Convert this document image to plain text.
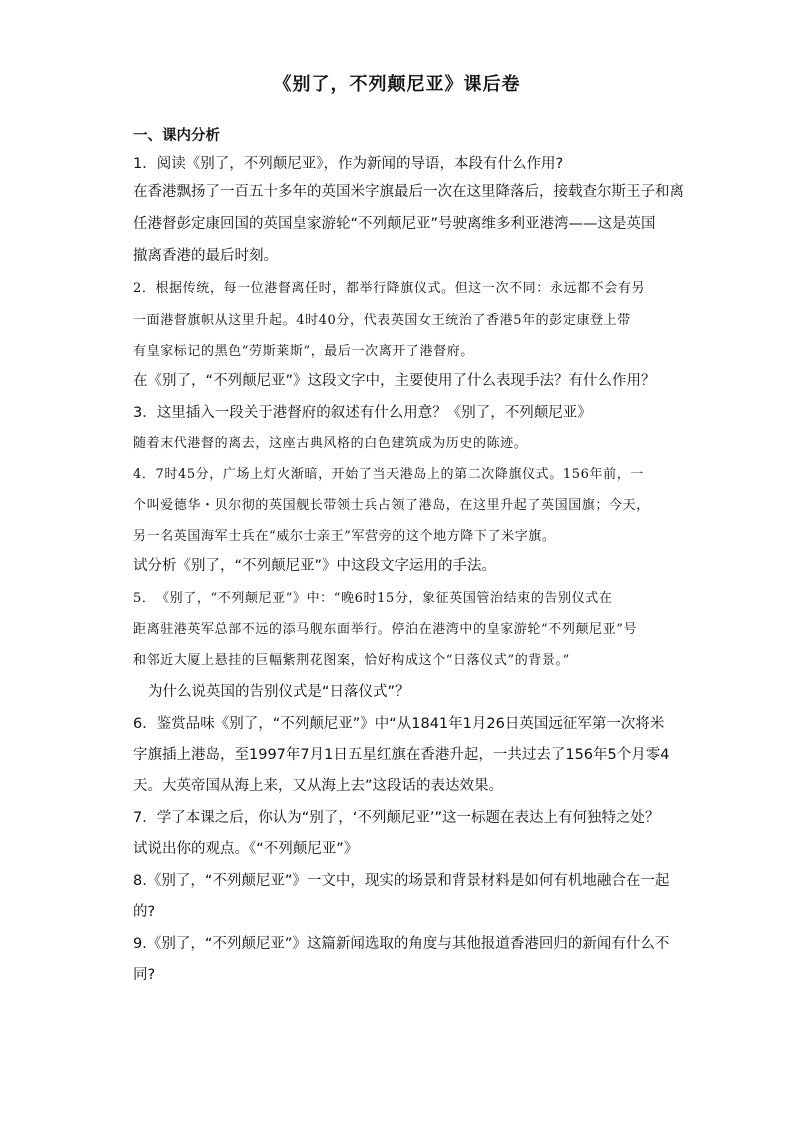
《别了，不列颠尼亚》课后卷
一、课内分析
1．阅读《别了，不列颠尼亚》，作为新闻的导语，本段有什么作用?
在香港飘扬了一百五十多年的英国米字旗最后一次在这里降落后，接载查尔斯王子和离
任港督彭定康回国的英国皇家游轮“不列颠尼亚”号驶离维多利亚港湾——这是英国
撤离香港的最后时刻。
2．根据传统，每一位港督离任时，都举行降旗仪式。但这一次不同：永远都不会有另
一面港督旗帜从这里升起。4时40分，代表英国女王统治了香港5年的彭定康登上带
有皇家标记的黑色“劳斯莱斯”，最后一次离开了港督府。
在《别了，“不列颠尼亚”》这段文字中，主要使用了什么表现手法？有什么作用？
3．这里插入一段关于港督府的叙述有什么用意？《别了，不列颠尼亚》
随着末代港督的离去，这座古典风格的白色建筑成为历史的陈迹。
4．7时45分，广场上灯火渐暗，开始了当天港岛上的第二次降旗仪式。156年前，一
个叫爱德华・贝尔彻的英国舰长带领士兵占领了港岛，在这里升起了英国国旗；今天，
另一名英国海军士兵在“威尔士亲王”军营旁的这个地方降下了米字旗。
试分析《别了，“不列颠尼亚”》中这段文字运用的手法。
5．　《别了，“不列颠尼亚”》中：“晚6时15分，象征英国管治结束的告别仪式在
距离驻港英军总部不远的添马舰东面举行。停泊在港湾中的皇家游轮“不列颠尼亚”号
和邻近大厦上悬挂的巨幅紫荆花图案，恰好构成这个“日落仪式”的背景。”
为什么说英国的告别仪式是“日落仪式”？
6．鉴赏品味《别了，“不列颠尼亚”》中“从1841年1月26日英国远征军第一次将米
字旗插上港岛，至1997年7月1日五星红旗在香港升起，一共过去了156年5个月零4
天。大英帝国从海上来，又从海上去”这段话的表达效果。
7．学了本课之后，你认为“别了，‘不列颠尼亚’”这一标题在表达上有何独特之处？
试说出你的观点。《“不列颠尼亚”》
8.《别了，“不列颠尼亚”》一文中，现实的场景和背景材料是如何有机地融合在一起
的?
9.《别了，“不列颠尼亚”》这篇新闻选取的角度与其他报道香港回归的新闻有什么不
同?
